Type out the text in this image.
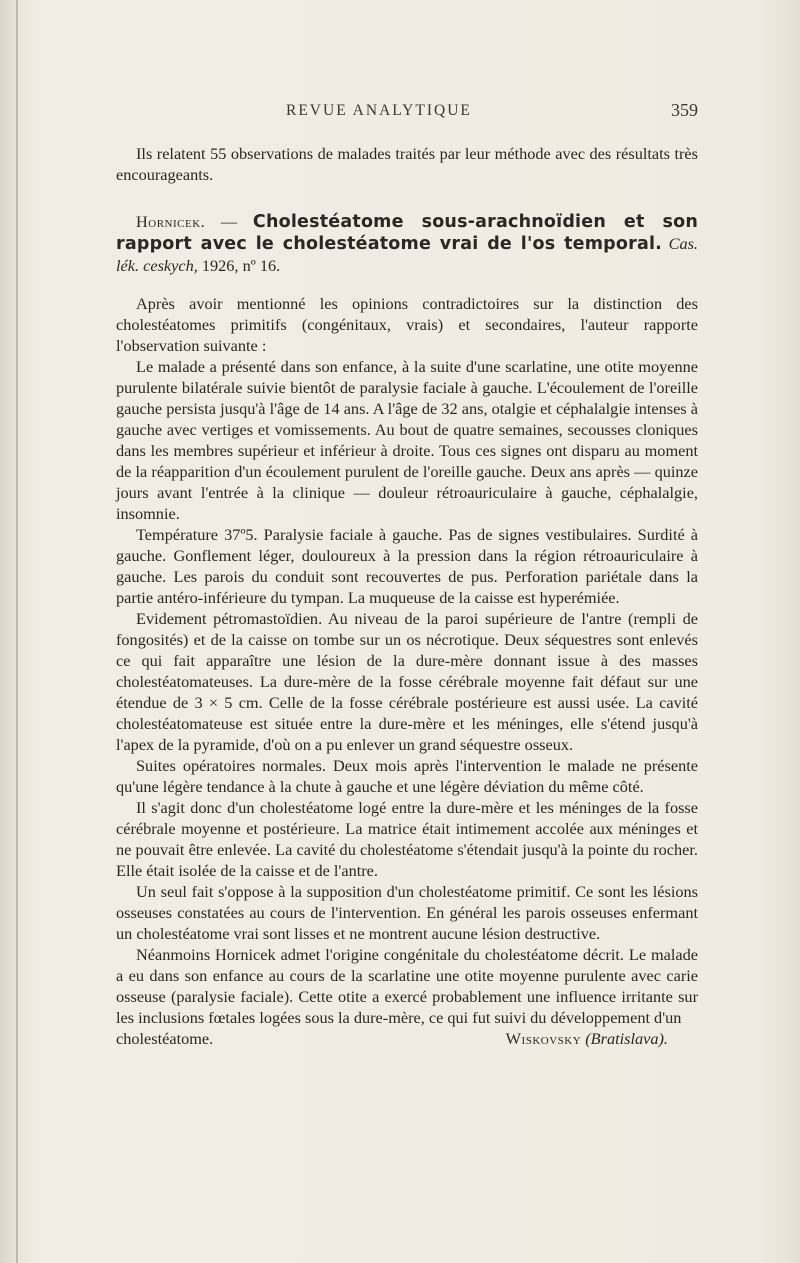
REVUE ANALYTIQUE	359

Ils relatent 55 observations de malades traités par leur méthode avec des résultats très encourageants.

Hornicek. — Cholestéatome sous-arachnoïdien et son rapport avec le cholestéatome vrai de l'os temporal. Cas. lék. ceskych, 1926, nº 16.

Après avoir mentionné les opinions contradictoires sur la distinction des cholestéatomes primitifs (congénitaux, vrais) et secondaires, l'auteur rapporte l'observation suivante :

Le malade a présenté dans son enfance, à la suite d'une scarlatine, une otite moyenne purulente bilatérale suivie bientôt de paralysie faciale à gauche. L'écoulement de l'oreille gauche persista jusqu'à l'âge de 14 ans. A l'âge de 32 ans, otalgie et céphalalgie intenses à gauche avec vertiges et vomissements. Au bout de quatre semaines, secousses cloniques dans les membres supérieur et inférieur à droite. Tous ces signes ont disparu au moment de la réapparition d'un écoulement purulent de l'oreille gauche. Deux ans après — quinze jours avant l'entrée à la clinique — douleur rétroauriculaire à gauche, céphalalgie, insomnie.

Température 37º5. Paralysie faciale à gauche. Pas de signes vestibulaires. Surdité à gauche. Gonflement léger, douloureux à la pression dans la région rétroauriculaire à gauche. Les parois du conduit sont recouvertes de pus. Perforation pariétale dans la partie antéro-inférieure du tympan. La muqueuse de la caisse est hyperémiée.

Evidement pétromastoïdien. Au niveau de la paroi supérieure de l'antre (rempli de fongosités) et de la caisse on tombe sur un os nécrotique. Deux séquestres sont enlevés ce qui fait apparaître une lésion de la dure-mère donnant issue à des masses cholestéatomateuses. La dure-mère de la fosse cérébrale moyenne fait défaut sur une étendue de 3 × 5 cm. Celle de la fosse cérébrale postérieure est aussi usée. La cavité cholestéatomateuse est située entre la dure-mère et les méninges, elle s'étend jusqu'à l'apex de la pyramide, d'où on a pu enlever un grand séquestre osseux.

Suites opératoires normales. Deux mois après l'intervention le malade ne présente qu'une légère tendance à la chute à gauche et une légère déviation du même côté.

Il s'agit donc d'un cholestéatome logé entre la dure-mère et les méninges de la fosse cérébrale moyenne et postérieure. La matrice était intimement accolée aux méninges et ne pouvait être enlevée. La cavité du cholestéatome s'étendait jusqu'à la pointe du rocher. Elle était isolée de la caisse et de l'antre.

Un seul fait s'oppose à la supposition d'un cholestéatome primitif. Ce sont les lésions osseuses constatées au cours de l'intervention. En général les parois osseuses enfermant un cholestéatome vrai sont lisses et ne montrent aucune lésion destructive.

Néanmoins Hornicek admet l'origine congénitale du cholestéatome décrit. Le malade a eu dans son enfance au cours de la scarlatine une otite moyenne purulente avec carie osseuse (paralysie faciale). Cette otite a exercé probablement une influence irritante sur les inclusions fœtales logées sous la dure-mère, ce qui fut suivi du développement d'un

cholestéatome.	Wiskovsky (Bratislava).
